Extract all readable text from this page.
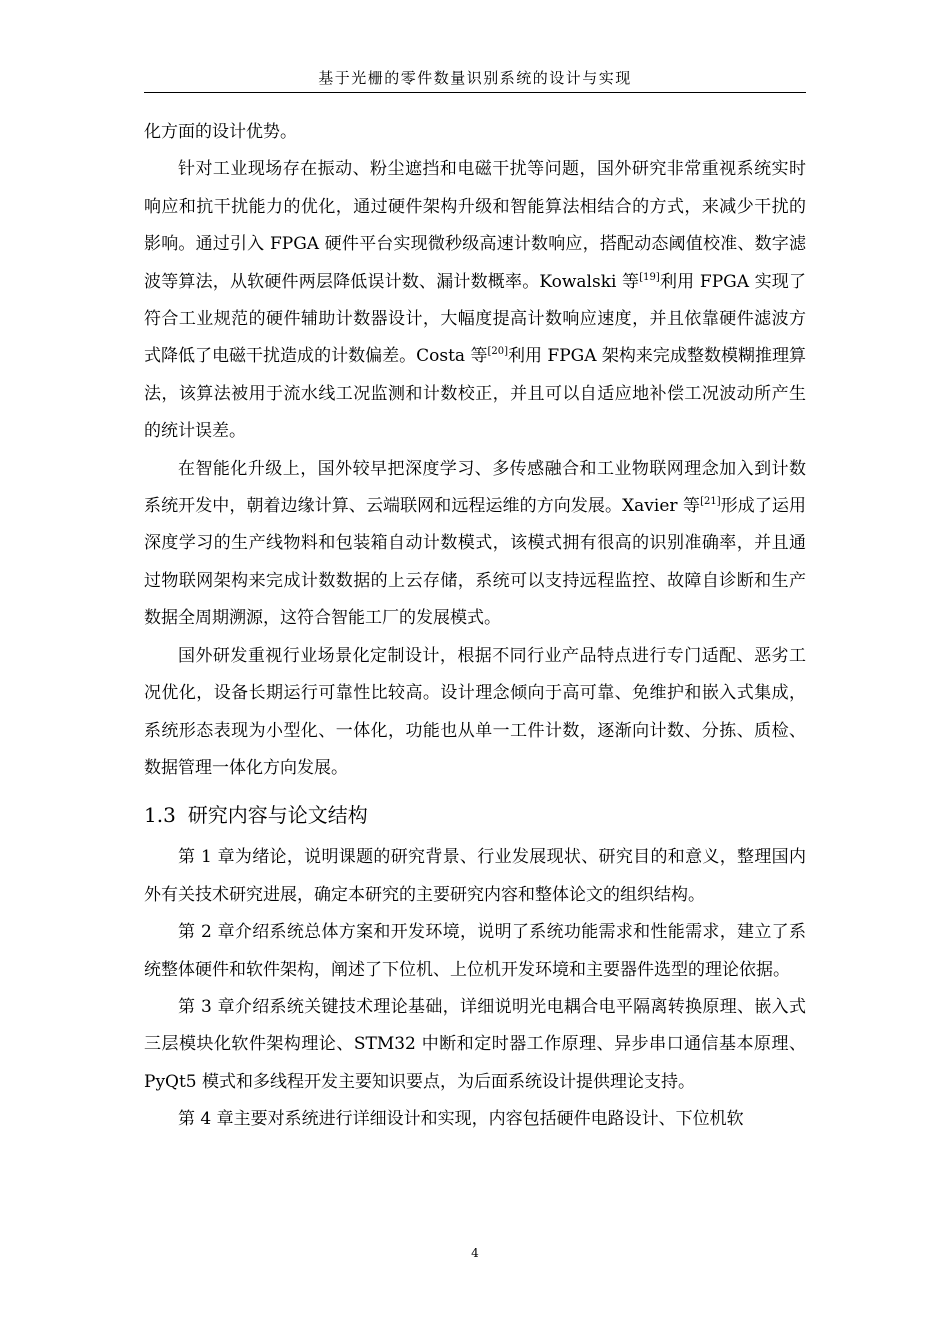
基于光栅的零件数量识别系统的设计与实现

化方面的设计优势。

针对工业现场存在振动、粉尘遮挡和电磁干扰等问题，国外研究非常重视系统实时响应和抗干扰能力的优化，通过硬件架构升级和智能算法相结合的方式，来减少干扰的影响。通过引入 FPGA 硬件平台实现微秒级高速计数响应，搭配动态阈值校准、数字滤波等算法，从软硬件两层降低误计数、漏计数概率。Kowalski 等[19]利用 FPGA 实现了符合工业规范的硬件辅助计数器设计，大幅度提高计数响应速度，并且依靠硬件滤波方式降低了电磁干扰造成的计数偏差。Costa 等[20]利用 FPGA 架构来完成整数模糊推理算法，该算法被用于流水线工况监测和计数校正，并且可以自适应地补偿工况波动所产生的统计误差。

在智能化升级上，国外较早把深度学习、多传感融合和工业物联网理念加入到计数系统开发中，朝着边缘计算、云端联网和远程运维的方向发展。Xavier 等[21]形成了运用深度学习的生产线物料和包装箱自动计数模式，该模式拥有很高的识别准确率，并且通过物联网架构来完成计数数据的上云存储，系统可以支持远程监控、故障自诊断和生产数据全周期溯源，这符合智能工厂的发展模式。

国外研发重视行业场景化定制设计，根据不同行业产品特点进行专门适配、恶劣工况优化，设备长期运行可靠性比较高。设计理念倾向于高可靠、免维护和嵌入式集成，系统形态表现为小型化、一体化，功能也从单一工件计数，逐渐向计数、分拣、质检、数据管理一体化方向发展。

1.3 研究内容与论文结构

第 1 章为绪论，说明课题的研究背景、行业发展现状、研究目的和意义，整理国内外有关技术研究进展，确定本研究的主要研究内容和整体论文的组织结构。

第 2 章介绍系统总体方案和开发环境，说明了系统功能需求和性能需求，建立了系统整体硬件和软件架构，阐述了下位机、上位机开发环境和主要器件选型的理论依据。

第 3 章介绍系统关键技术理论基础，详细说明光电耦合电平隔离转换原理、嵌入式三层模块化软件架构理论、STM32 中断和定时器工作原理、异步串口通信基本原理、PyQt5 模式和多线程开发主要知识要点，为后面系统设计提供理论支持。

第 4 章主要对系统进行详细设计和实现，内容包括硬件电路设计、下位机软

4
